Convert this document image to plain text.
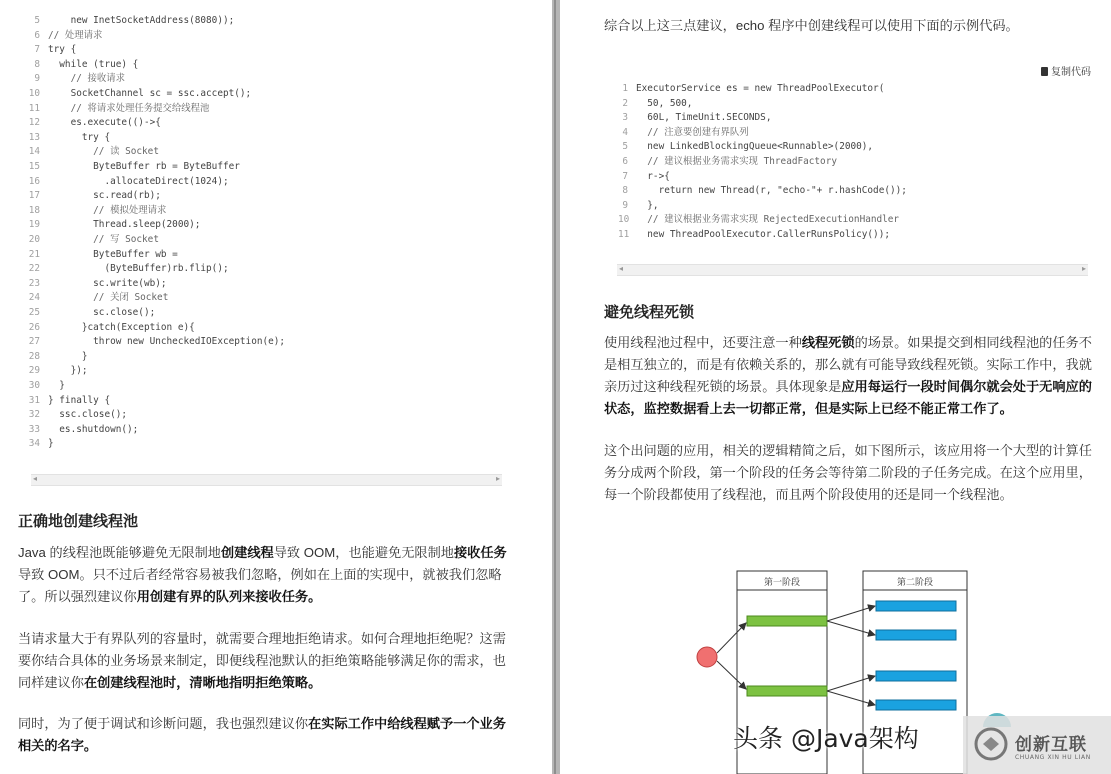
5    new InetSocketAddress(8080));
6 // 处理请求
7 try {
8  while (true) {
9    // 接收请求
10    SocketChannel sc = ssc.accept();
11    // 将请求处理任务提交给线程池
12    es.execute(()->{
13      try {
14        // 读 Socket
15        ByteBuffer rb = ByteBuffer
16          .allocateDirect(1024);
17        sc.read(rb);
18        // 模拟处理请求
19        Thread.sleep(2000);
20        // 写 Socket
21        ByteBuffer wb =
22          (ByteBuffer)rb.flip();
23        sc.write(wb);
24        // 关闭 Socket
25        sc.close();
26      }catch(Exception e){
27        throw new UncheckedIOException(e);
28      }
29    });
30  }
31 } finally {
32  ssc.close();
33  es.shutdown();
34 }
◂	▸
正确地创建线程池

Java 的线程池既能够避免无限制地创建线程导致 OOM，也能避免无限制地接收任务导致 OOM。只不过后者经常容易被我们忽略，例如在上面的实现中，就被我们忽略了。所以强烈建议你用创建有界的队列来接收任务。

当请求量大于有界队列的容量时，就需要合理地拒绝请求。如何合理地拒绝呢？这需要你结合具体的业务场景来制定，即便线程池默认的拒绝策略能够满足你的需求，也同样建议你在创建线程池时，清晰地指明拒绝策略。

同时，为了便于调试和诊断问题，我也强烈建议你在实际工作中给线程赋予一个业务相关的名字。

综合以上这三点建议，echo 程序中创建线程可以使用下面的示例代码。

复制代码
1 ExecutorService es = new ThreadPoolExecutor(
2  50, 500,
3  60L, TimeUnit.SECONDS,
4  // 注意要创建有界队列
5  new LinkedBlockingQueue<Runnable>(2000),
6  // 建议根据业务需求实现 ThreadFactory
7  r->{
8    return new Thread(r, "echo-"+ r.hashCode());
9  },
10  // 建议根据业务需求实现 RejectedExecutionHandler
11  new ThreadPoolExecutor.CallerRunsPolicy());
◂	▸
避免线程死锁

使用线程池过程中，还要注意一种线程死锁的场景。如果提交到相同线程池的任务不是相互独立的，而是有依赖关系的，那么就有可能导致线程死锁。实际工作中，我就亲历过这种线程死锁的场景。具体现象是应用每运行一段时间偶尔就会处于无响应的状态，监控数据看上去一切都正常，但是实际上已经不能正常工作了。

这个出问题的应用，相关的逻辑精简之后，如下图所示，该应用将一个大型的计算任务分成两个阶段，第一个阶段的任务会等待第二阶段的子任务完成。在这个应用里，每一个阶段都使用了线程池，而且两个阶段使用的还是同一个线程池。

第一阶段	第二阶段
头条 @Java架构	创新互联
CHUANG XIN HU LIAN
